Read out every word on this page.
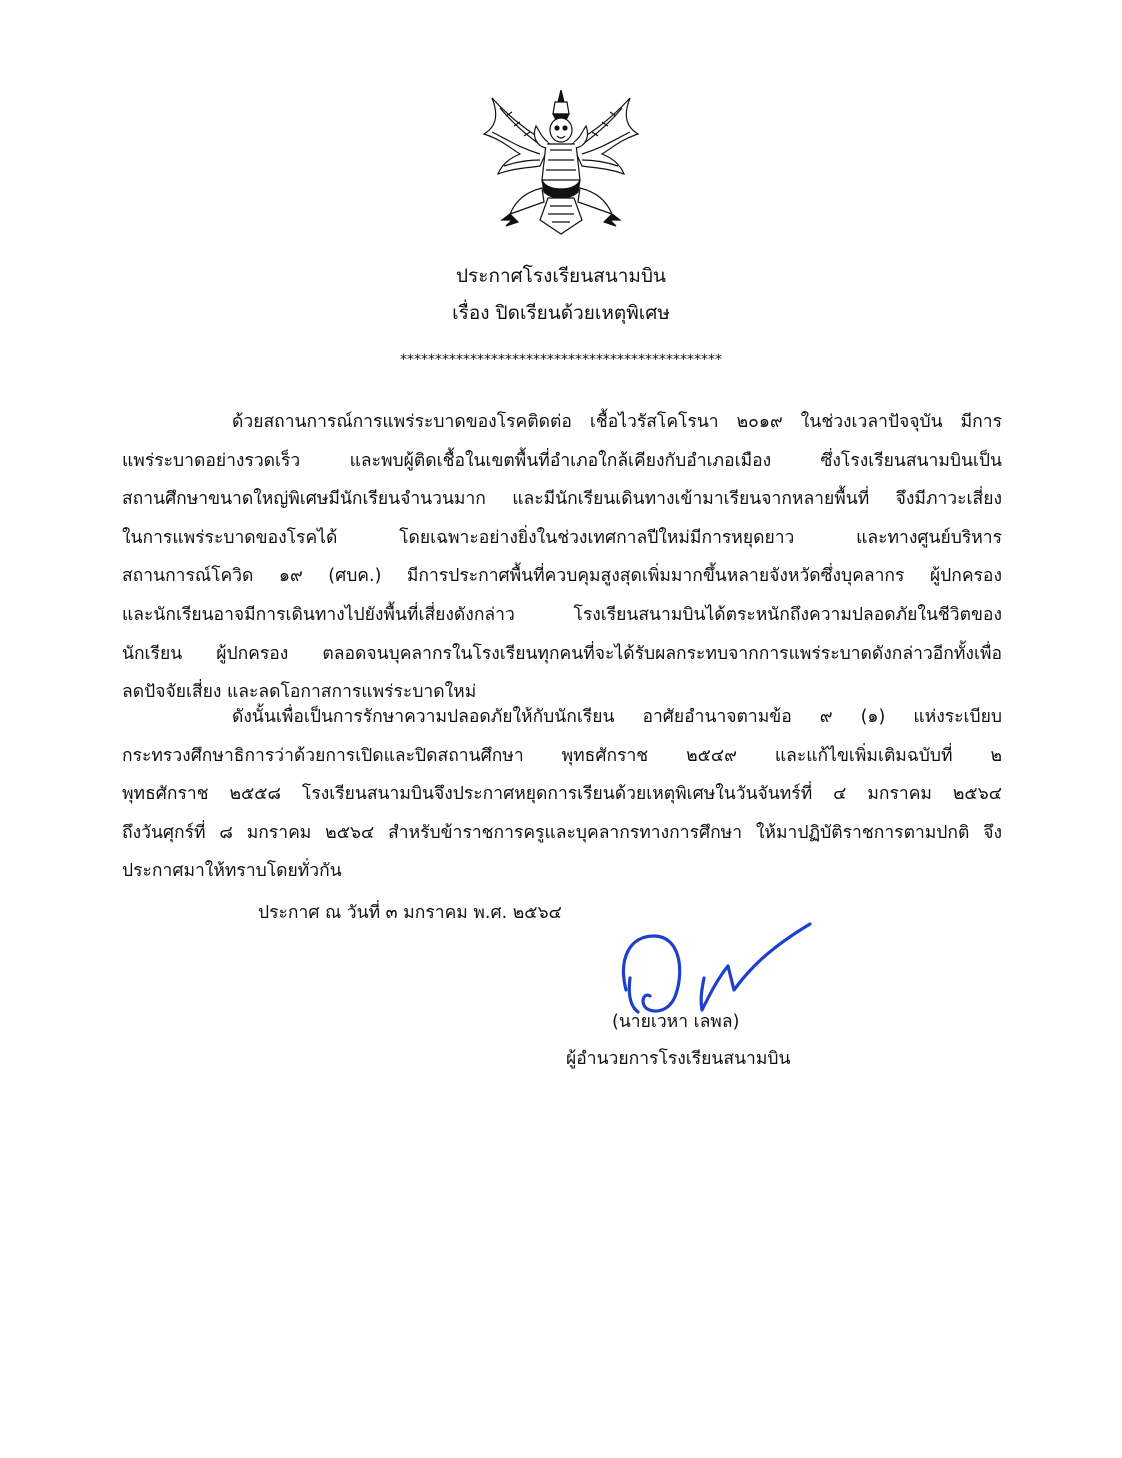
ประกาศโรงเรียนสนามบิน
เรื่อง ปิดเรียนด้วยเหตุพิเศษ
**********************************************
ด้วยสถานการณ์การแพร่ระบาดของโรคติดต่อ เชื้อไวรัสโคโรนา ๒๐๑๙ ในช่วงเวลาปัจจุบัน มีการ
แพร่ระบาดอย่างรวดเร็ว และพบผู้ติดเชื้อในเขตพื้นที่อำเภอใกล้เคียงกับอำเภอเมือง ซึ่งโรงเรียนสนามบินเป็น
สถานศึกษาขนาดใหญ่พิเศษมีนักเรียนจำนวนมาก และมีนักเรียนเดินทางเข้ามาเรียนจากหลายพื้นที่ จึงมีภาวะเสี่ยง
ในการแพร่ระบาดของโรคได้ โดยเฉพาะอย่างยิ่งในช่วงเทศกาลปีใหม่มีการหยุดยาว และทางศูนย์บริหาร
สถานการณ์โควิด ๑๙ (ศบค.) มีการประกาศพื้นที่ควบคุมสูงสุดเพิ่มมากขึ้นหลายจังหวัดซึ่งบุคลากร ผู้ปกครอง
และนักเรียนอาจมีการเดินทางไปยังพื้นที่เสี่ยงดังกล่าว โรงเรียนสนามบินได้ตระหนักถึงความปลอดภัยในชีวิตของ
นักเรียน ผู้ปกครอง ตลอดจนบุคลากรในโรงเรียนทุกคนที่จะได้รับผลกระทบจากการแพร่ระบาดดังกล่าวอีกทั้งเพื่อ
ลดปัจจัยเสี่ยง และลดโอกาสการแพร่ระบาดใหม่
ดังนั้นเพื่อเป็นการรักษาความปลอดภัยให้กับนักเรียน อาศัยอำนาจตามข้อ ๙ (๑) แห่งระเบียบ
กระทรวงศึกษาธิการว่าด้วยการเปิดและปิดสถานศึกษา พุทธศักราช ๒๕๔๙ และแก้ไขเพิ่มเติมฉบับที่ ๒
พุทธศักราช ๒๕๕๘ โรงเรียนสนามบินจึงประกาศหยุดการเรียนด้วยเหตุพิเศษในวันจันทร์ที่ ๔ มกราคม ๒๕๖๔
ถึงวันศุกร์ที่ ๘ มกราคม ๒๕๖๔ สำหรับข้าราชการครูและบุคลากรทางการศึกษา ให้มาปฏิบัติราชการตามปกติ จึง
ประกาศมาให้ทราบโดยทั่วกัน
ประกาศ ณ วันที่ ๓ มกราคม พ.ศ. ๒๕๖๔
(นายเวหา เลพล)
ผู้อำนวยการโรงเรียนสนามบิน
